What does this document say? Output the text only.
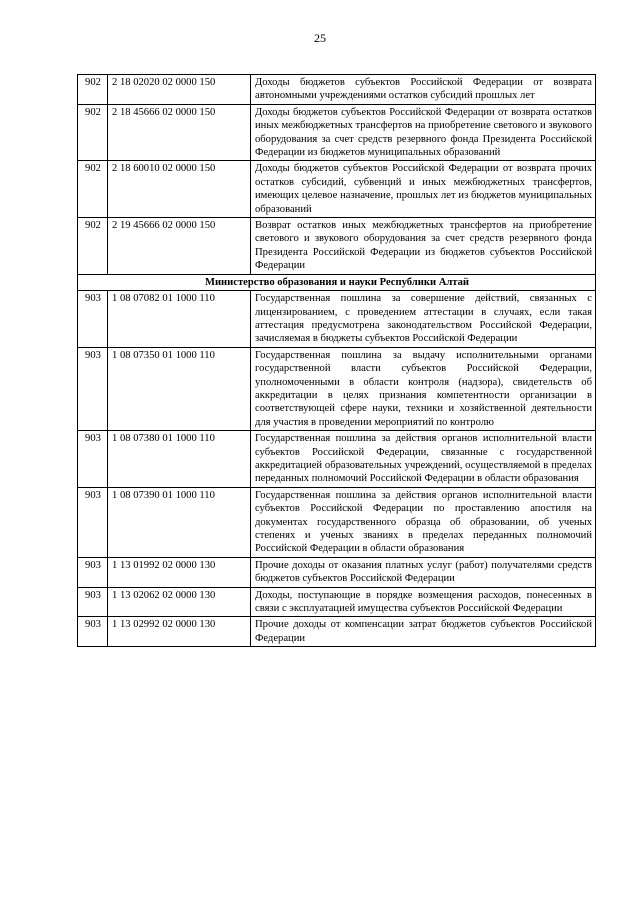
25
902	2 18 02020 02 0000 150	Доходы бюджетов субъектов Российской Федерации от возврата автономными учреждениями остатков субсидий прошлых лет
902	2 18 45666 02 0000 150	Доходы бюджетов субъектов Российской Федерации от возврата остатков иных межбюджетных трансфертов на приобретение светового и звукового оборудования за счет средств резервного фонда Президента Российской Федерации из бюджетов муниципальных образований
902	2 18 60010 02 0000 150	Доходы бюджетов субъектов Российской Федерации от возврата прочих остатков субсидий, субвенций и иных межбюджетных трансфертов, имеющих целевое назначение, прошлых лет из бюджетов муниципальных образований
902	2 19 45666 02 0000 150	Возврат остатков иных межбюджетных трансфертов на приобретение светового и звукового оборудования за счет средств резервного фонда Президента Российской Федерации из бюджетов субъектов Российской Федерации
Министерство образования и науки Республики Алтай		
903	1 08 07082 01 1000 110	Государственная пошлина за совершение действий, связанных с лицензированием, с проведением аттестации в случаях, если такая аттестация предусмотрена законодательством Российской Федерации, зачисляемая в бюджеты субъектов Российской Федерации
903	1 08 07350 01 1000 110	Государственная пошлина за выдачу исполнительными органами государственной власти субъектов Российской Федерации, уполномоченными в области контроля (надзора), свидетельств об аккредитации в целях признания компетентности организации в соответствующей сфере науки, техники и хозяйственной деятельности для участия в проведении мероприятий по контролю
903	1 08 07380 01 1000 110	Государственная пошлина за действия органов исполнительной власти субъектов Российской Федерации, связанные с государственной аккредитацией образовательных учреждений, осуществляемой в пределах переданных полномочий Российской Федерации в области образования
903	1 08 07390 01 1000 110	Государственная пошлина за действия органов исполнительной власти субъектов Российской Федерации по проставлению апостиля на документах государственного образца об образовании, об ученых степенях и ученых званиях в пределах переданных полномочий Российской Федерации в области образования
903	1 13 01992 02 0000 130	Прочие доходы от оказания платных услуг (работ) получателями средств бюджетов субъектов Российской Федерации
903	1 13 02062 02 0000 130	Доходы, поступающие в порядке возмещения расходов, понесенных в связи с эксплуатацией имущества субъектов Российской Федерации
903	1 13 02992 02 0000 130	Прочие доходы от компенсации затрат бюджетов субъектов Российской Федерации
